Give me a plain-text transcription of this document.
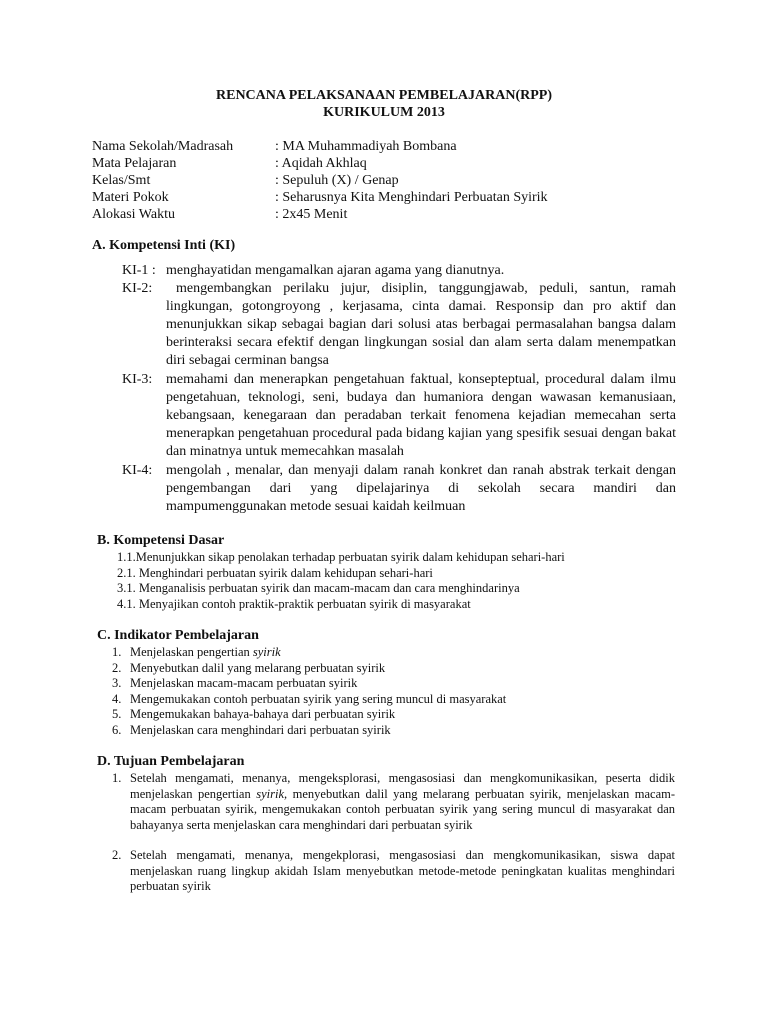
RENCANA PELAKSANAAN PEMBELAJARAN(RPP)
KURIKULUM 2013
Nama Sekolah/Madrasah	: MA Muhammadiyah Bombana
Mata Pelajaran	: Aqidah Akhlaq
Kelas/Smt	: Sepuluh (X) / Genap
Materi Pokok	: Seharusnya Kita Menghindari Perbuatan Syirik
Alokasi Waktu	: 2x45 Menit
A. Kompetensi Inti (KI)
KI-1 : menghayatidan mengamalkan ajaran agama yang dianutnya.
KI-2:	mengembangkan perilaku jujur, disiplin, tanggungjawab, peduli, santun, ramah lingkungan, gotongroyong , kerjasama, cinta damai. Responsip dan pro aktif dan menunjukkan sikap sebagai bagian dari solusi atas berbagai permasalahan bangsa dalam berinteraksi secara efektif dengan lingkungan sosial dan alam serta dalam menempatkan diri sebagai cerminan bangsa
KI-3: memahami dan menerapkan pengetahuan faktual, konsepteptual, procedural dalam ilmu pengetahuan, teknologi, seni, budaya dan humaniora dengan wawasan kemanusiaan, kebangsaan, kenegaraan dan peradaban terkait fenomena kejadian memecahan serta menerapkan pengetahuan procedural pada bidang kajian yang spesifik sesuai dengan bakat dan minatnya untuk memecahkan masalah
KI-4: mengolah , menalar, dan menyaji dalam ranah konkret dan ranah abstrak terkait dengan pengembangan dari yang dipelajarinya di sekolah secara mandiri dan mampumenggunakan metode sesuai kaidah keilmuan
B. Kompetensi Dasar
1.1.Menunjukkan sikap penolakan terhadap perbuatan syirik dalam kehidupan sehari-hari
2.1. Menghindari perbuatan syirik dalam kehidupan sehari-hari
3.1. Menganalisis perbuatan syirik dan macam-macam dan cara menghindarinya
4.1. Menyajikan contoh praktik-praktik perbuatan syirik di masyarakat
C. Indikator Pembelajaran
1. Menjelaskan pengertian syirik
2. Menyebutkan dalil yang melarang perbuatan syirik
3. Menjelaskan macam-macam perbuatan syirik
4. Mengemukakan contoh perbuatan syirik yang sering muncul di masyarakat
5. Mengemukakan bahaya-bahaya dari perbuatan syirik
6. Menjelaskan cara menghindari dari perbuatan syirik
D. Tujuan Pembelajaran
1. Setelah mengamati, menanya, mengeksplorasi, mengasosiasi dan mengkomunikasikan, peserta didik menjelaskan pengertian syirik, menyebutkan dalil yang melarang perbuatan syirik, menjelaskan macam-macam perbuatan syirik, mengemukakan contoh perbuatan syirik yang sering muncul di masyarakat dan bahayanya serta menjelaskan cara menghindari dari perbuatan syirik
2. Setelah mengamati, menanya, mengekplorasi, mengasosiasi dan mengkomunikasikan, siswa dapat menjelaskan ruang lingkup akidah Islam menyebutkan metode-metode peningkatan kualitas menghindari perbuatan syirik
